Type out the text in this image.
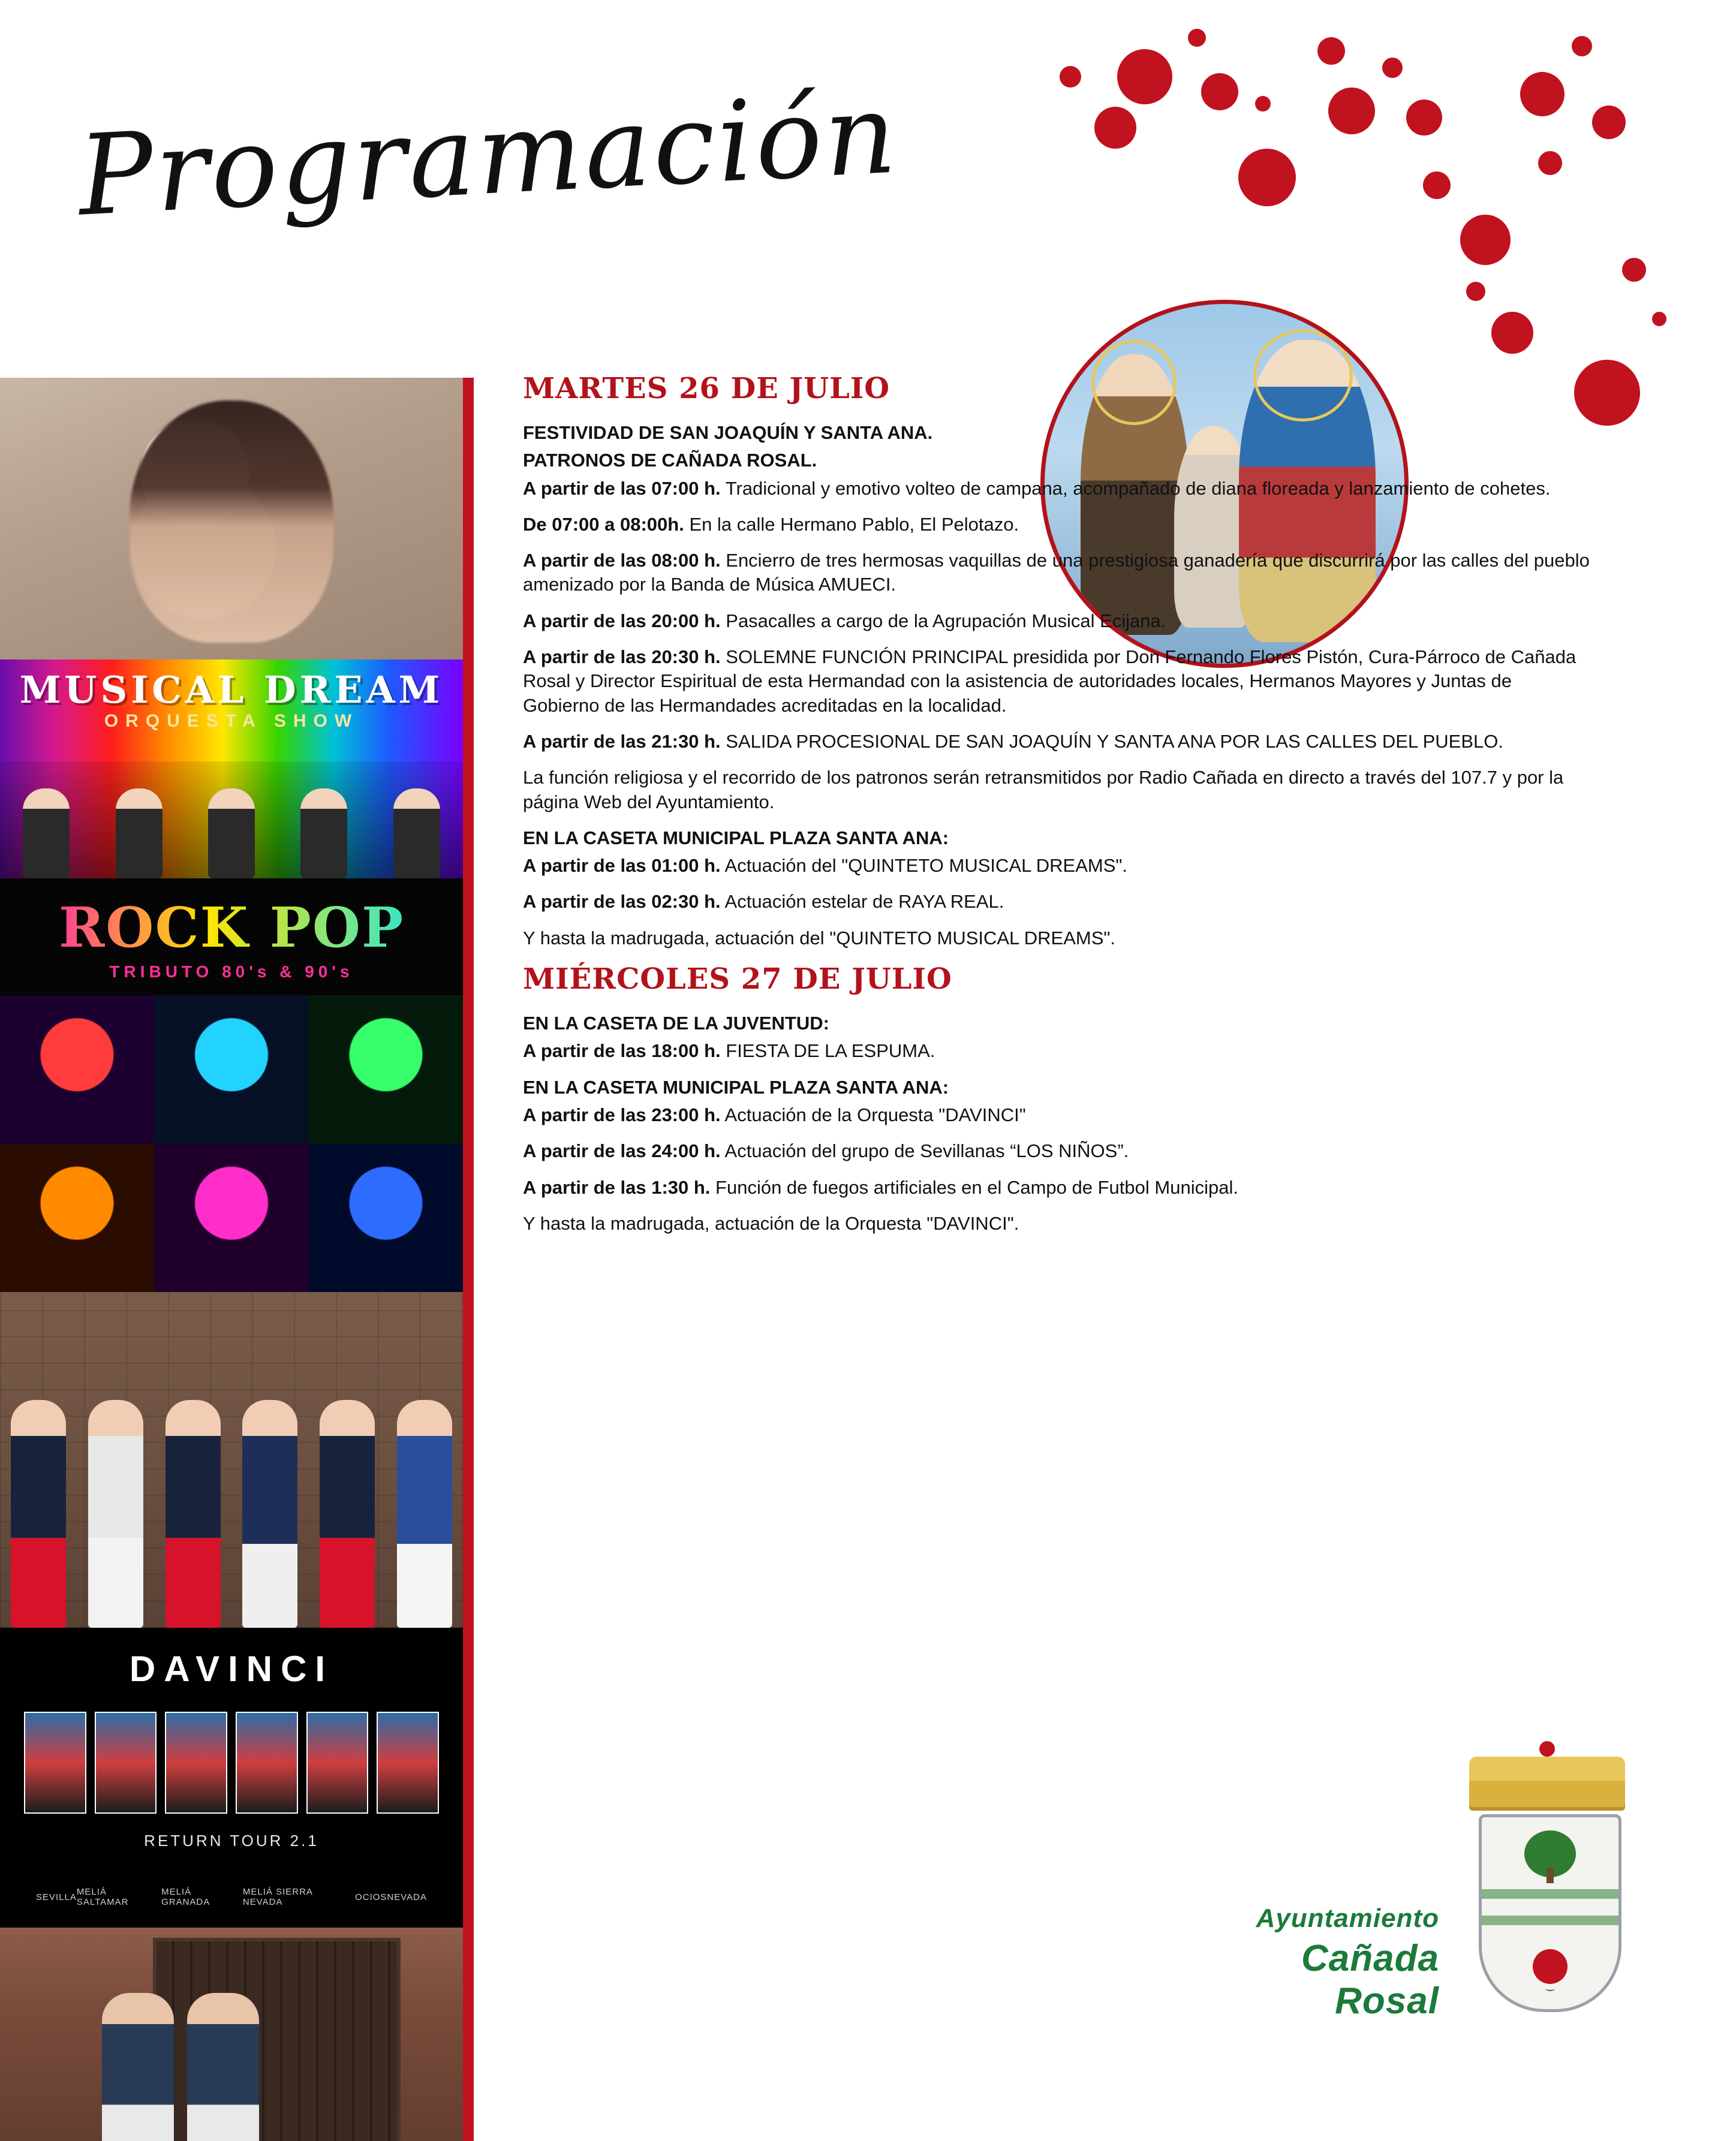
Programación
MUSICAL DREAM
ORQUESTA SHOW
ROCK POP
TRIBUTO 80's & 90's
DAVINCI
RETURN TOUR 2.1
SEVILLA MELIÁ SALTAMAR
MELIÁ GRANADA
MELIÁ SIERRA NEVADA	OCIOSNEVADA
MARTES 26 DE JULIO

FESTIVIDAD DE SAN JOAQUÍN Y SANTA ANA.

PATRONOS DE CAÑADA ROSAL.

A partir de las 07:00 h. Tradicional y emotivo volteo de campana, acompañado de diana floreada y lanzamiento de cohetes.

De 07:00 a 08:00h. En la calle Hermano Pablo, El Pelotazo.

A partir de las 08:00 h. Encierro de tres hermosas vaquillas de una prestigiosa ganadería que discurrirá por las calles del pueblo amenizado por la Banda de Música AMUECI.

A partir de las 20:00 h. Pasacalles a cargo de la Agrupación Musical Ecijana.

A partir de las 20:30 h. SOLEMNE FUNCIÓN PRINCIPAL presidida por Don Fernando Flores Pistón, Cura-Párroco de Cañada Rosal y Director Espiritual de esta Hermandad con la asistencia de autoridades locales, Hermanos Mayores y Juntas de Gobierno de las Hermandades acreditadas en la localidad.

A partir de las 21:30 h. SALIDA PROCESIONAL DE SAN JOAQUÍN Y SANTA ANA POR LAS CALLES DEL PUEBLO.

La función religiosa y el recorrido de los patronos serán retransmitidos por Radio Cañada en directo a través del 107.7 y por la página Web del Ayuntamiento.

EN LA CASETA MUNICIPAL PLAZA SANTA ANA:

A partir de las 01:00 h. Actuación del "QUINTETO MUSICAL DREAMS".

A partir de las 02:30 h. Actuación estelar de RAYA REAL.

Y hasta la madrugada, actuación del "QUINTETO MUSICAL DREAMS".

MIÉRCOLES 27 DE JULIO

EN LA CASETA DE LA JUVENTUD:

A partir de las 18:00 h. FIESTA DE LA ESPUMA.

EN LA CASETA MUNICIPAL PLAZA SANTA ANA:

A partir de las 23:00 h. Actuación de la Orquesta "DAVINCI"

A partir de las 24:00 h. Actuación del grupo de Sevillanas “LOS NIÑOS”.

A partir de las 1:30 h. Función de fuegos artificiales en el Campo de Futbol Municipal.

Y hasta la madrugada, actuación de la Orquesta "DAVINCI".

Ayuntamiento
Cañada Rosal
